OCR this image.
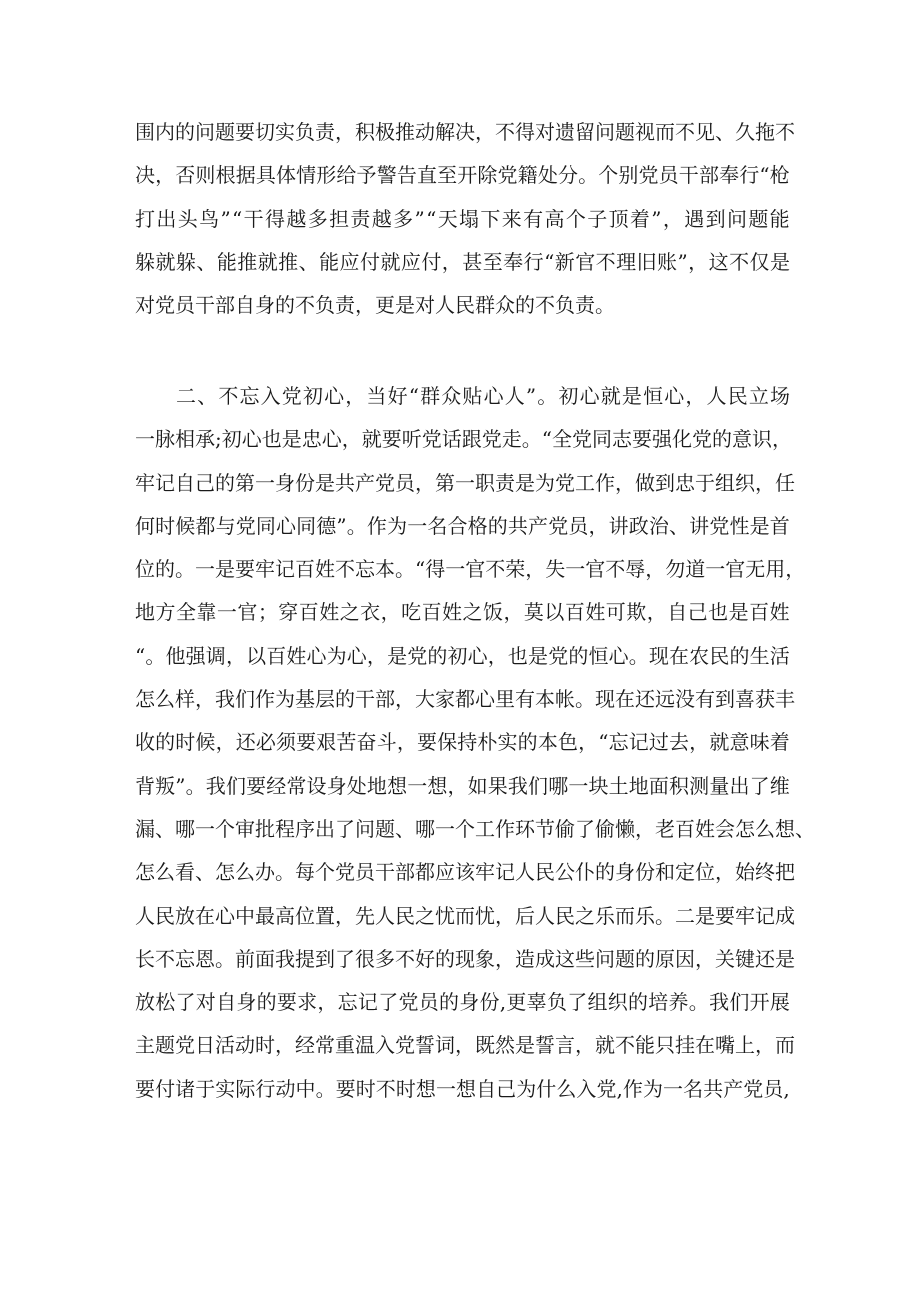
围 内 的 问 题 要 切 实 负 责 ， 积 极 推 动 解 决 ， 不 得 对 遗 留 问 题 视 而 不 见 、 久 拖 不
决 ， 否 则 根 据 具 体 情 形 给 予 警 告 直 至 开 除 党 籍 处 分 。 个 别 党 员 干 部 奉 行 “ 枪
打 出 头 鸟 ” “ 干 得 越 多 担 责 越 多 ” “ 天 塌 下 来 有 高 个 子 顶 着 ” ， 遇 到 问 题 能
躲 就 躲 、 能 推 就 推 、 能 应 付 就 应 付 ， 甚 至 奉 行 “ 新 官 不 理 旧 账 ” ， 这 不 仅 是
对党员干部自身的不负责，更是对人民群众的不负责。
二 、 不 忘 入 党 初 心 ， 当 好 “ 群 众 贴 心 人 ” 。 初 心 就 是 恒 心 ， 人 民 立 场
一 脉 相 承 ; 初 心 也 是 忠 心 ， 就 要 听 党 话 跟 党 走 。 “ 全 党 同 志 要 强 化 党 的 意 识 ，
牢 记 自 己 的 第 一 身 份 是 共 产 党 员 ， 第 一 职 责 是 为 党 工 作 ， 做 到 忠 于 组 织 ， 任
何 时 候 都 与 党 同 心 同 德 ” 。 作 为 一 名 合 格 的 共 产 党 员 ， 讲 政 治 、 讲 党 性 是 首
位 的 。 一 是 要 牢 记 百 姓 不 忘 本 。 “ 得 一 官 不 荣 ， 失 一 官 不 辱 ， 勿 道 一 官 无 用 ，
地 方 全 靠 一 官 ； 穿 百 姓 之 衣 ， 吃 百 姓 之 饭 ， 莫 以 百 姓 可 欺 ， 自 己 也 是 百 姓
“ 。 他 强 调 ， 以 百 姓 心 为 心 ， 是 党 的 初 心 ， 也 是 党 的 恒 心 。 现 在 农 民 的 生 活
怎 么 样 ， 我 们 作 为 基 层 的 干 部 ， 大 家 都 心 里 有 本 帐 。 现 在 还 远 没 有 到 喜 获 丰
收 的 时 候 ， 还 必 须 要 艰 苦 奋 斗 ， 要 保 持 朴 实 的 本 色 ， “ 忘 记 过 去 ， 就 意 味 着
背 叛 ” 。 我 们 要 经 常 设 身 处 地 想 一 想 ， 如 果 我 们 哪 一 块 土 地 面 积 测 量 出 了 维
漏 、 哪 一 个 审 批 程 序 出 了 问 题 、 哪 一 个 工 作 环 节 偷 了 偷 懒 ， 老 百 姓 会 怎 么 想 、
怎 么 看 、 怎 么 办 。 每 个 党 员 干 部 都 应 该 牢 记 人 民 公 仆 的 身 份 和 定 位 ， 始 终 把
人 民 放 在 心 中 最 高 位 置 ， 先 人 民 之 忧 而 忧 ， 后 人 民 之 乐 而 乐 。 二 是 要 牢 记 成
长 不 忘 恩 。 前 面 我 提 到 了 很 多 不 好 的 现 象 ， 造 成 这 些 问 题 的 原 因 ， 关 键 还 是
放 松 了 对 自 身 的 要 求 ， 忘 记 了 党 员 的 身 份 , 更 辜 负 了 组 织 的 培 养 。 我 们 开 展
主 题 党 日 活 动 时 ， 经 常 重 温 入 党 誓 词 ， 既 然 是 誓 言 ， 就 不 能 只 挂 在 嘴 上 ， 而
要 付 诸 于 实 际 行 动 中 。 要 时 不 时 想 一 想 自 己 为 什 么 入 党 , 作 为 一 名 共 产 党 员 ,
